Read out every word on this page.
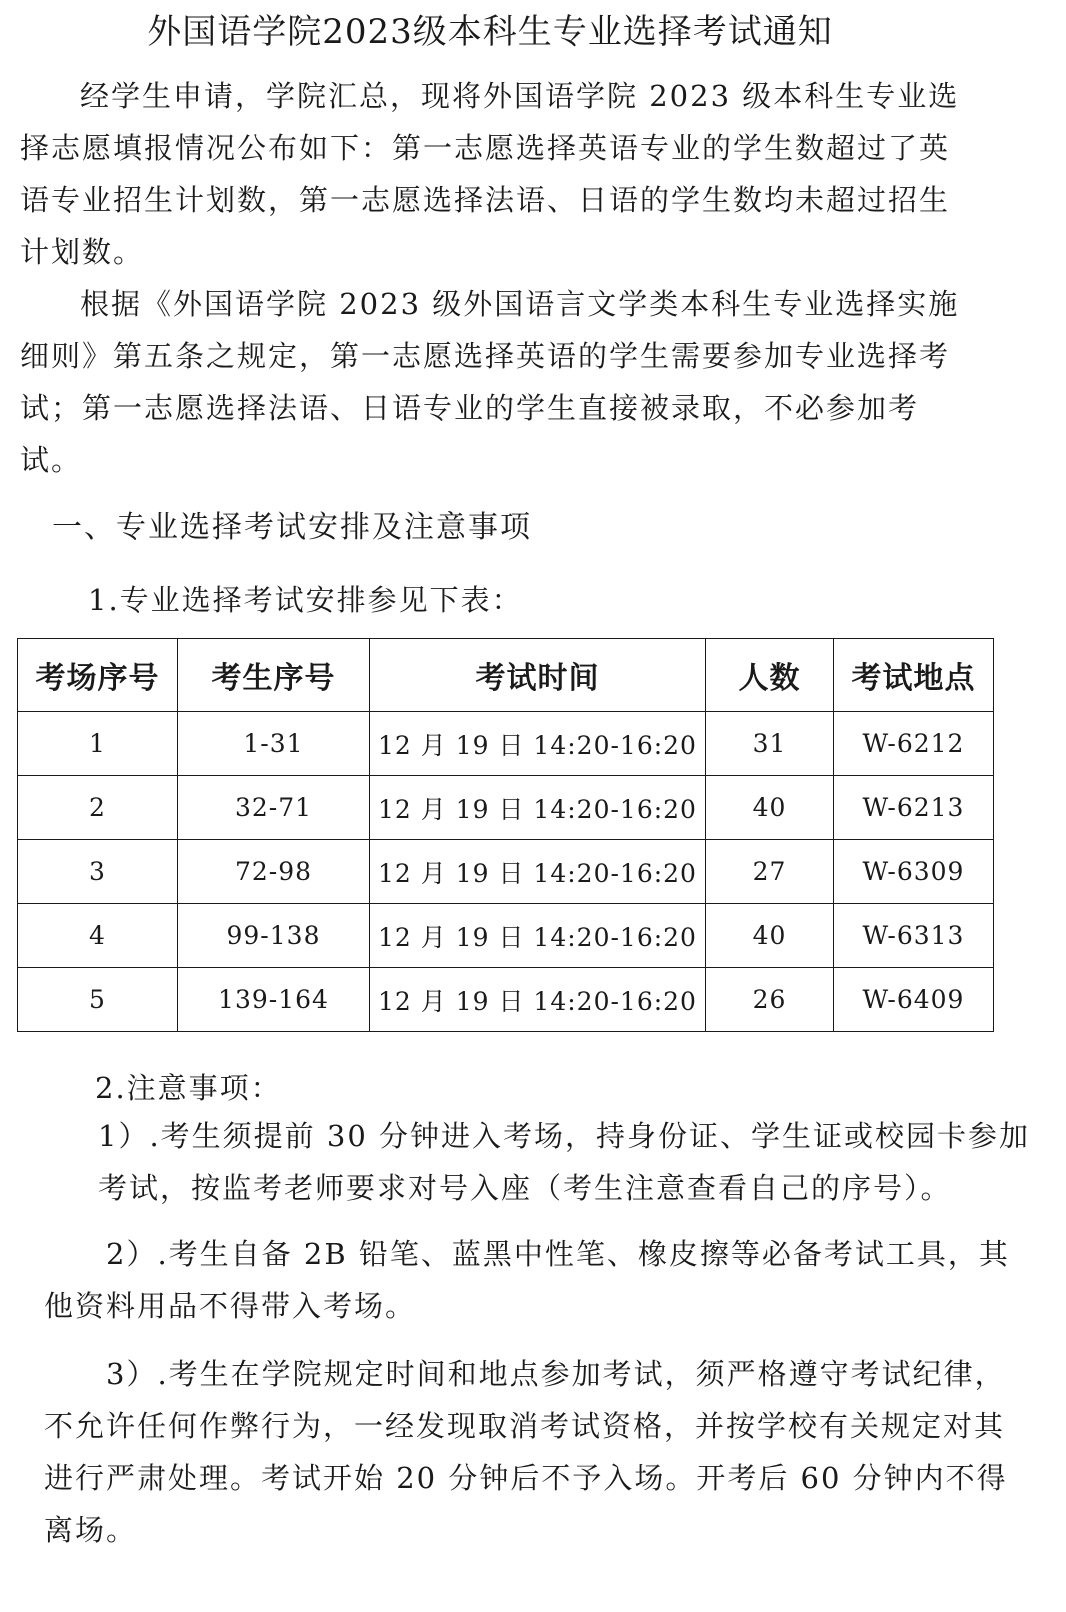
外国语学院2023级本科生专业选择考试通知

经学生申请，学院汇总，现将外国语学院 2023 级本科生专业选择志愿填报情况公布如下：第一志愿选择英语专业的学生数超过了英语专业招生计划数，第一志愿选择法语、日语的学生数均未超过招生计划数。

根据《外国语学院 2023 级外国语言文学类本科生专业选择实施细则》第五条之规定，第一志愿选择英语的学生需要参加专业选择考试；第一志愿选择法语、日语专业的学生直接被录取，不必参加考试。

一、专业选择考试安排及注意事项
1.专业选择考试安排参见下表：
考场序号	考生序号	考试时间	人数	考试地点
1	1-31	12 月 19 日 14:20-16:20	31	W-6212
2	32-71	12 月 19 日 14:20-16:20	40	W-6213
3	72-98	12 月 19 日 14:20-16:20	27	W-6309
4	99-138	12 月 19 日 14:20-16:20	40	W-6313
5	139-164	12 月 19 日 14:20-16:20	26	W-6409
2.注意事项：

1）.考生须提前 30 分钟进入考场，持身份证、学生证或校园卡参加考试，按监考老师要求对号入座（考生注意查看自己的序号）。

2）.考生自备 2B 铅笔、蓝黑中性笔、橡皮擦等必备考试工具，其他资料用品不得带入考场。

3）.考生在学院规定时间和地点参加考试，须严格遵守考试纪律，不允许任何作弊行为，一经发现取消考试资格，并按学校有关规定对其进行严肃处理。考试开始 20 分钟后不予入场。开考后 60 分钟内不得离场。
